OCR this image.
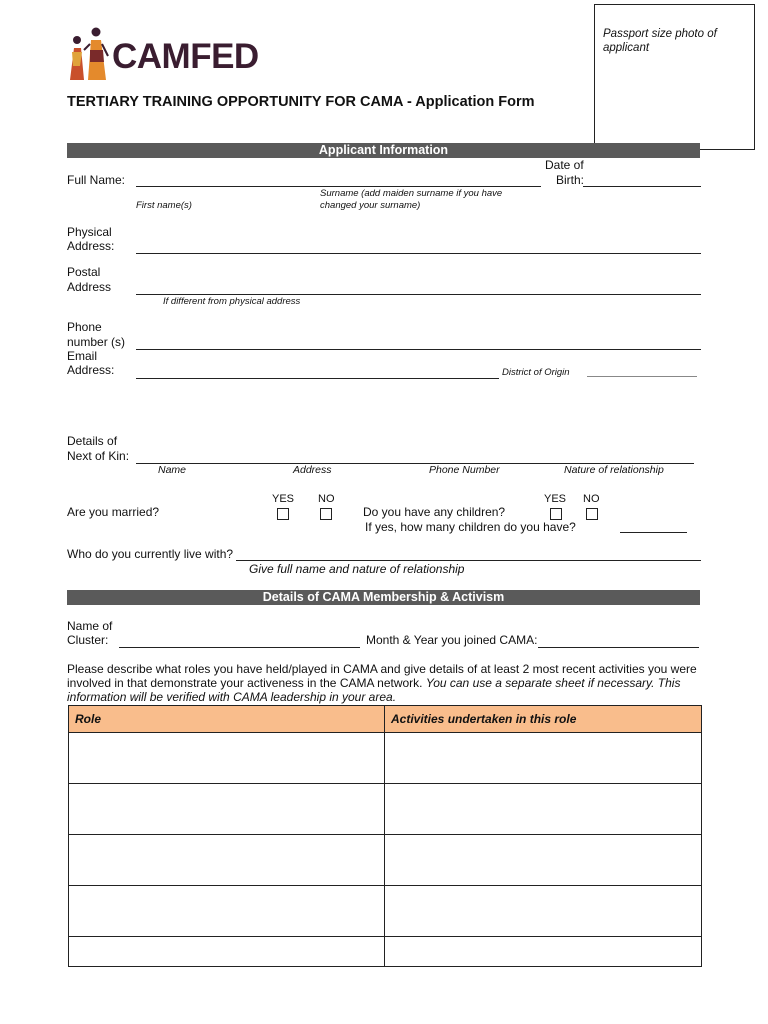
CAMFED
TERTIARY TRAINING OPPORTUNITY FOR CAMA - Application Form
Passport size photo of applicant
Applicant Information
Full Name:
First name(s)
Surname (add maiden surname if you have changed your surname)
Date of
Birth:
Physical
Address:
Postal
Address
If different from physical address
Phone
number (s)
Email
Address:	District of Origin
Details of
Next of Kin:
Name	Address	Phone Number	Nature of relationship
Are you married?
YES NO
Do you have any children?
If yes, how many children do you have?
YES NO
Who do you currently live with?
Give full name and nature of relationship
Details of CAMA Membership & Activism
Name of
Cluster:	Month & Year you joined CAMA:
Please describe what roles you have held/played in CAMA and give details of at least 2 most recent activities you were involved in that demonstrate your activeness in the CAMA network. You can use a separate sheet if necessary. This information will be verified with CAMA leadership in your area.
Role	Activities undertaken in this role
